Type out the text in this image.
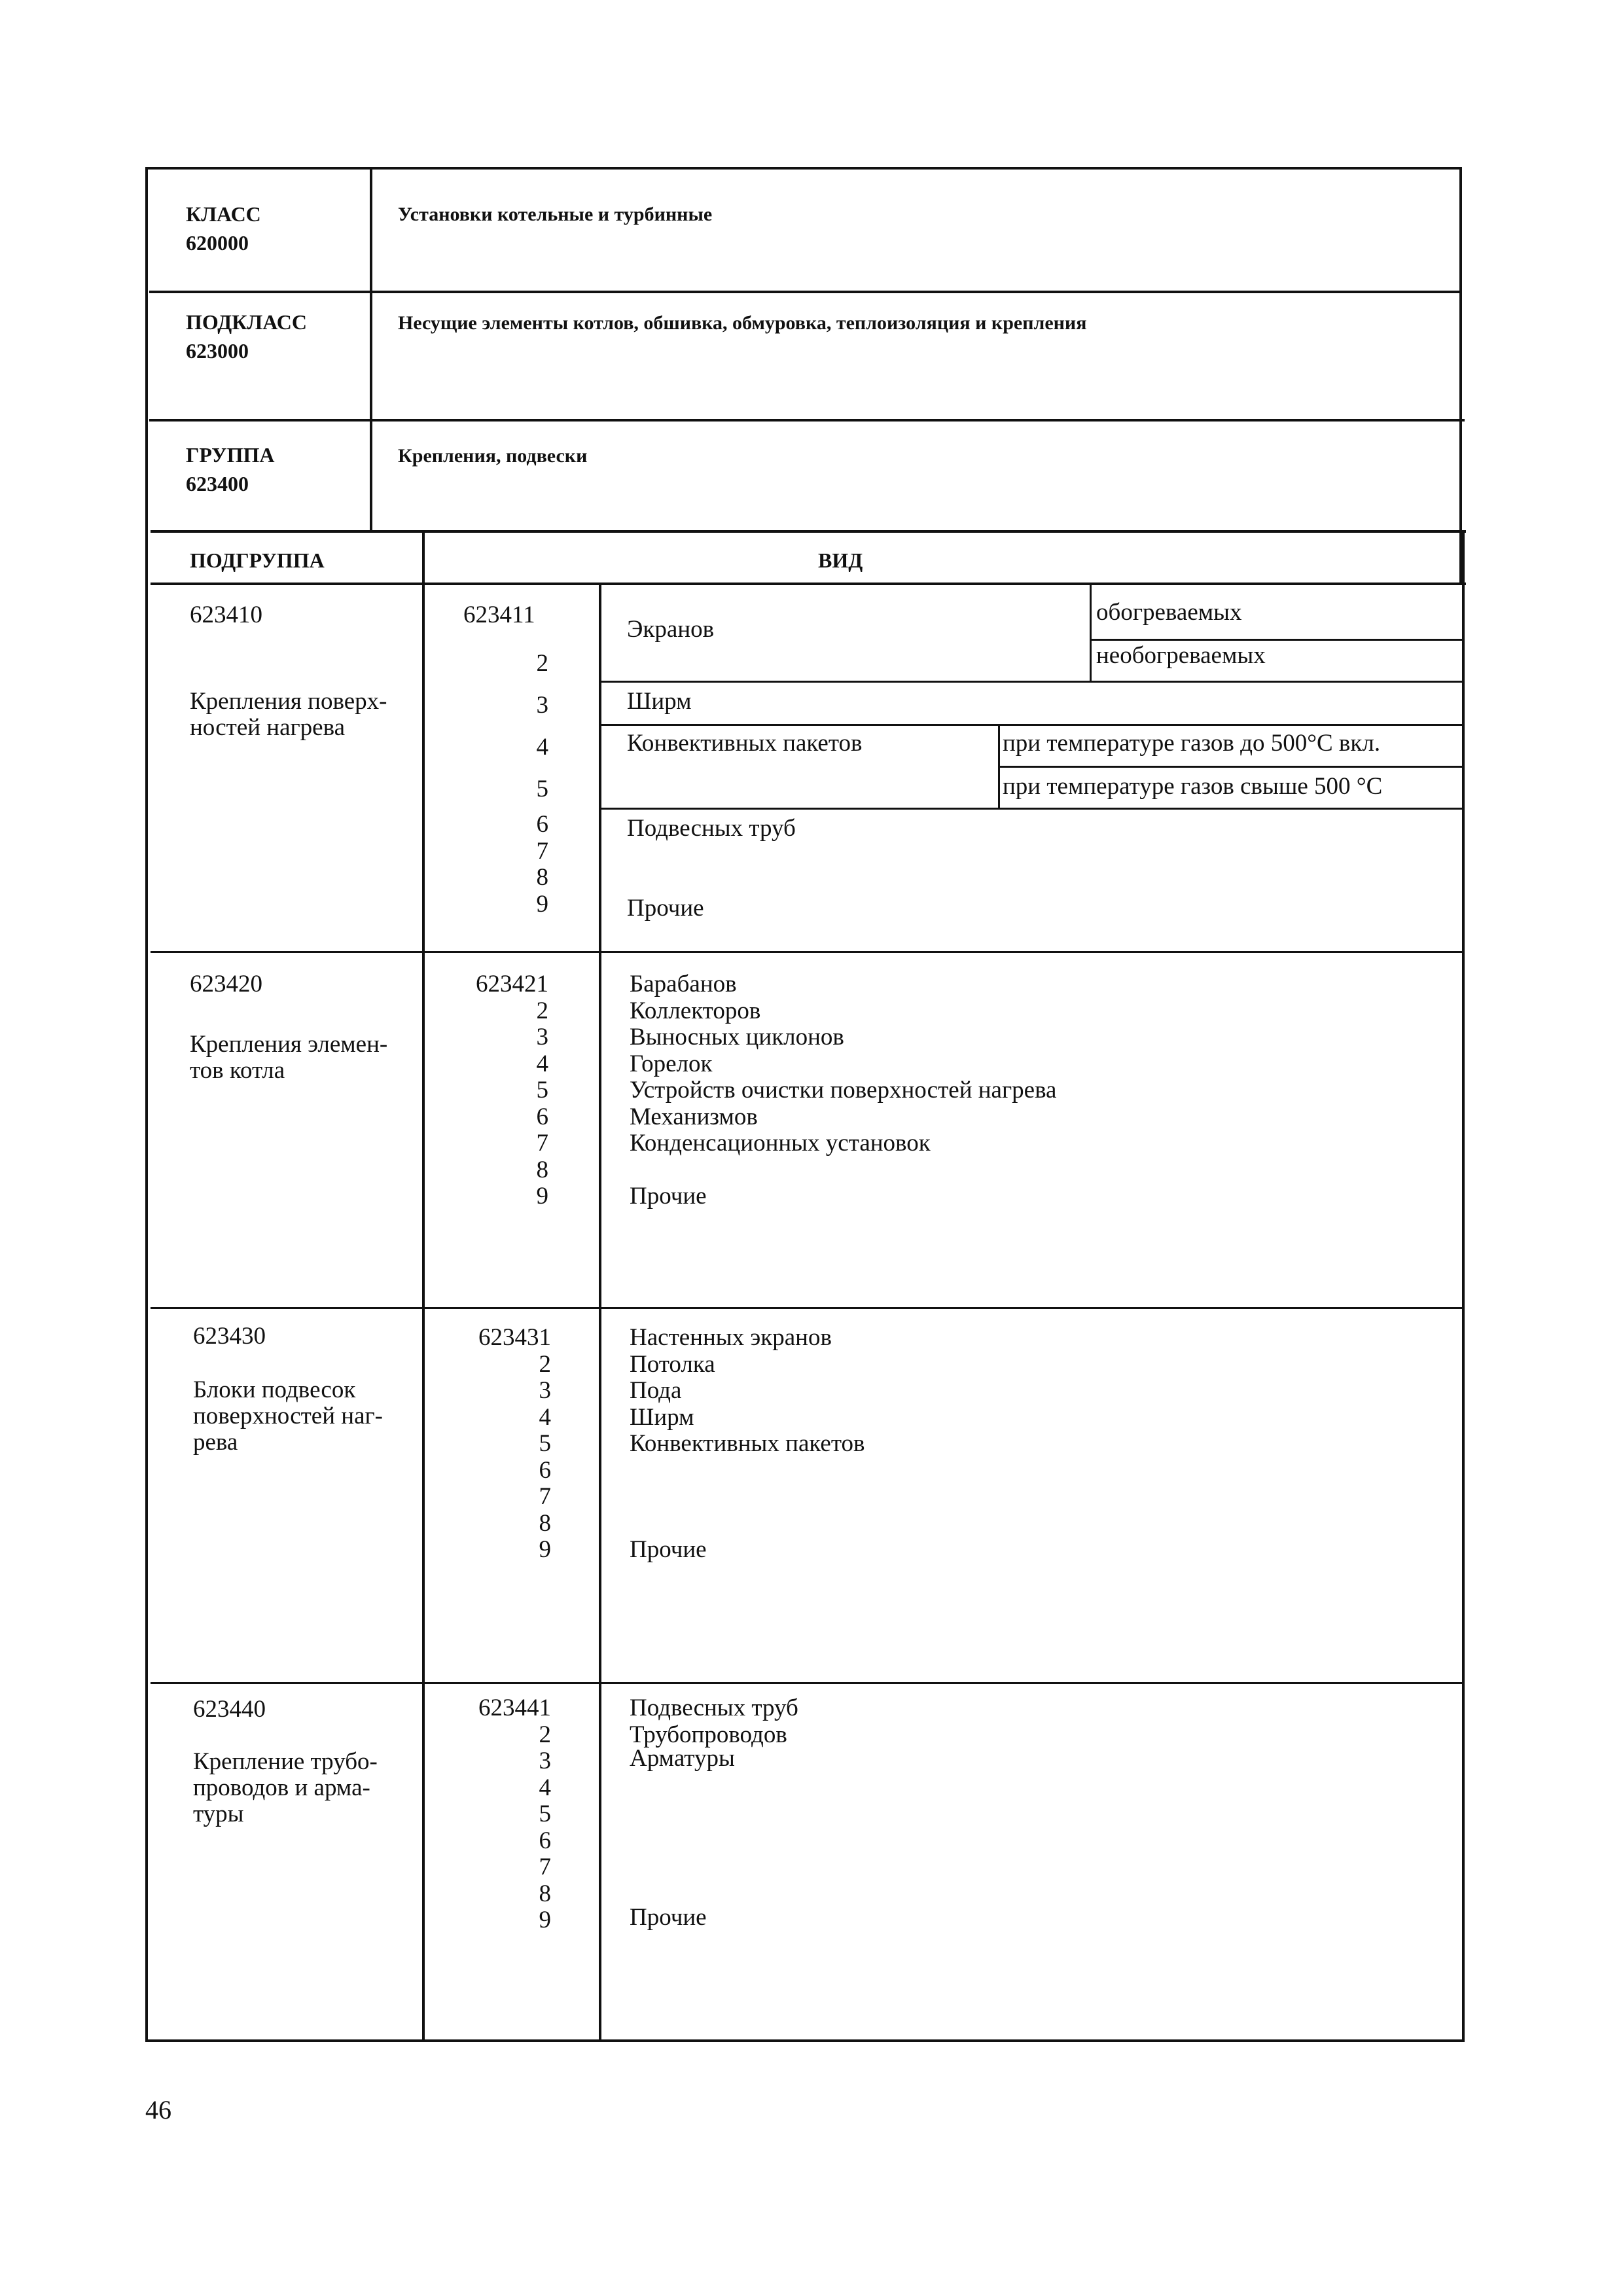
КЛАСС
620000
Установки котельные и турбинные
ПОДКЛАСС
623000
Несущие элементы котлов, обшивка, обмуровка, теплоизоляция и крепления
ГРУППА
623400
Крепления, подвески
ПОДГРУППА	ВИД
623410
Крепления поверх-
ностей нагрева
623411
2
3
4
5
6
7
8
9
Экранов
обогреваемых
необогреваемых
Ширм
Конвективных пакетов	при температуре газов до 500°С вкл.
при температуре газов свыше 500 °С
Подвесных труб
Прочие
623420
Крепления элемен-
тов котла
623421
2
3
4
5
6
7
8
9
Барабанов
Коллекторов
Выносных циклонов
Горелок
Устройств очистки поверхностей нагрева
Механизмов
Конденсационных установок
Прочие
623430
Блоки подвесок
поверхностей наг-
рева
623431
2
3
4
5
6
7
8
9
Настенных экранов
Потолка
Пода
Ширм
Конвективных пакетов
Прочие
623440
Крепление трубо-
проводов и арма-
туры
623441
2
3
4
5
6
7
8
9
Подвесных труб
Трубопроводов
Арматуры
Прочие
46
